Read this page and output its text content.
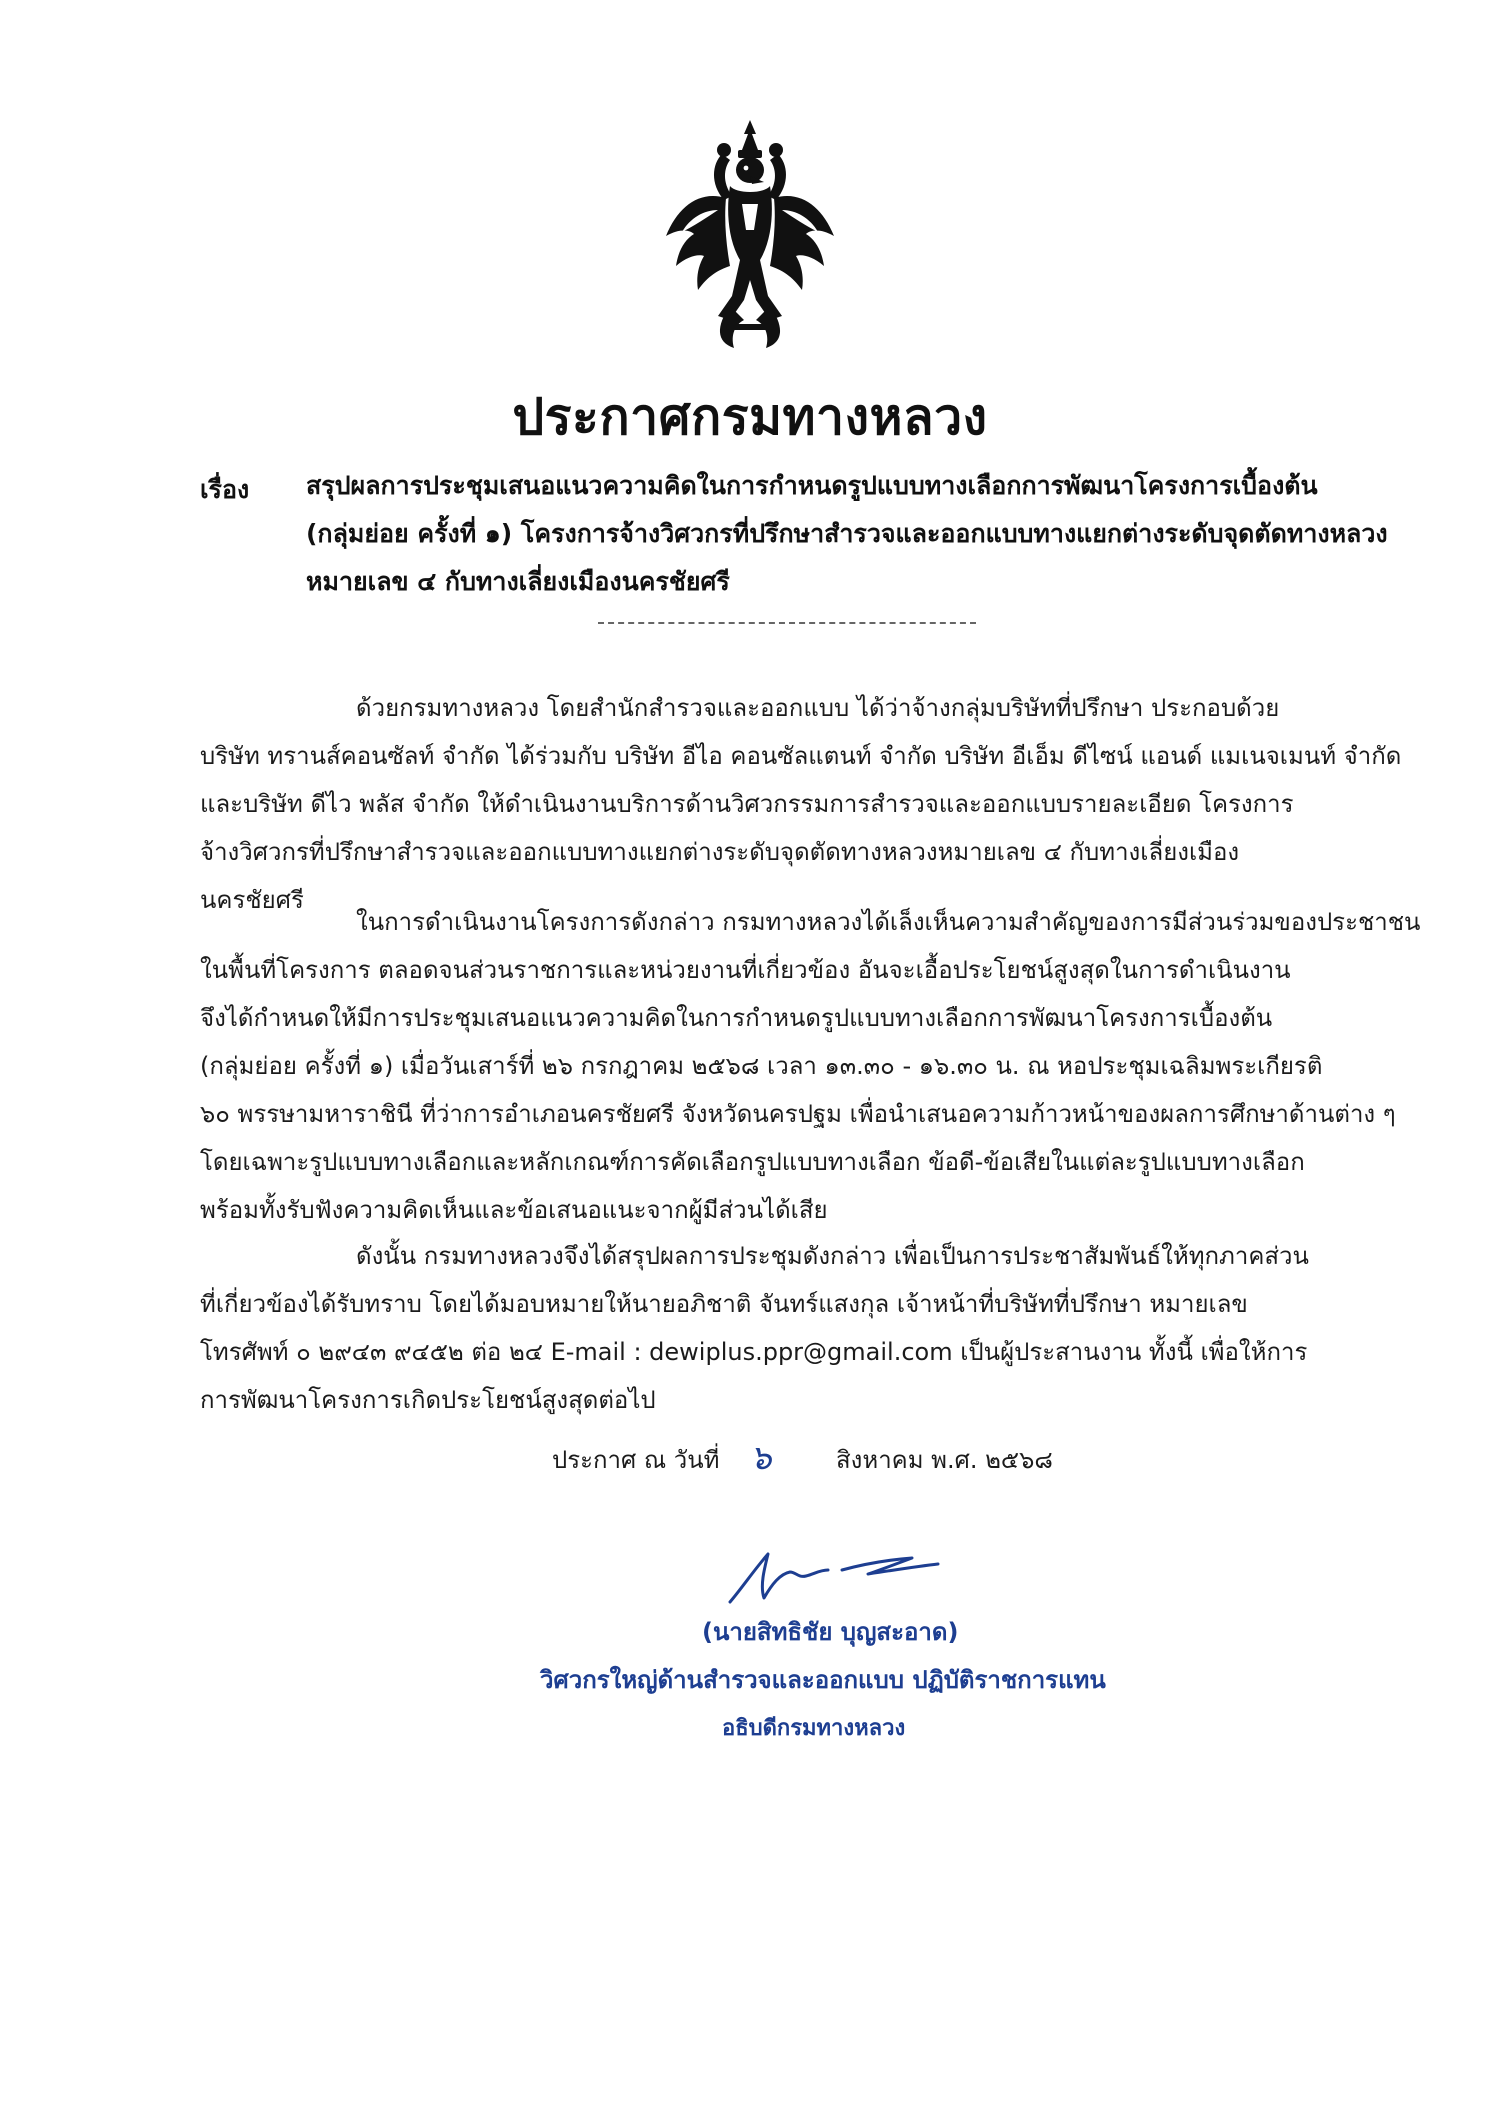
ประกาศกรมทางหลวง
เรื่อง สรุปผลการประชุมเสนอแนวความคิดในการกำหนดรูปแบบทางเลือกการพัฒนาโครงการเบื้องต้น
(กลุ่มย่อย ครั้งที่ ๑) โครงการจ้างวิศวกรที่ปรึกษาสำรวจและออกแบบทางแยกต่างระดับจุดตัดทางหลวง
หมายเลข ๔ กับทางเลี่ยงเมืองนครชัยศรี
ด้วยกรมทางหลวง โดยสำนักสำรวจและออกแบบ ได้ว่าจ้างกลุ่มบริษัทที่ปรึกษา ประกอบด้วย
บริษัท ทรานส์คอนซัลท์ จำกัด ได้ร่วมกับ บริษัท อีไอ คอนซัลแตนท์ จำกัด บริษัท อีเอ็ม ดีไซน์ แอนด์ แมเนจเมนท์ จำกัด
และบริษัท ดีไว พลัส จำกัด ให้ดำเนินงานบริการด้านวิศวกรรมการสำรวจและออกแบบรายละเอียด โครงการ
จ้างวิศวกรที่ปรึกษาสำรวจและออกแบบทางแยกต่างระดับจุดตัดทางหลวงหมายเลข ๔ กับทางเลี่ยงเมือง
นครชัยศรี
ในการดำเนินงานโครงการดังกล่าว กรมทางหลวงได้เล็งเห็นความสำคัญของการมีส่วนร่วมของประชาชน
ในพื้นที่โครงการ ตลอดจนส่วนราชการและหน่วยงานที่เกี่ยวข้อง อันจะเอื้อประโยชน์สูงสุดในการดำเนินงาน
จึงได้กำหนดให้มีการประชุมเสนอแนวความคิดในการกำหนดรูปแบบทางเลือกการพัฒนาโครงการเบื้องต้น
(กลุ่มย่อย ครั้งที่ ๑) เมื่อวันเสาร์ที่ ๒๖ กรกฎาคม ๒๕๖๘ เวลา ๑๓.๓๐ - ๑๖.๓๐ น. ณ หอประชุมเฉลิมพระเกียรติ
๖๐ พรรษามหาราชินี ที่ว่าการอำเภอนครชัยศรี จังหวัดนครปฐม เพื่อนำเสนอความก้าวหน้าของผลการศึกษาด้านต่าง ๆ
โดยเฉพาะรูปแบบทางเลือกและหลักเกณฑ์การคัดเลือกรูปแบบทางเลือก ข้อดี-ข้อเสียในแต่ละรูปแบบทางเลือก
พร้อมทั้งรับฟังความคิดเห็นและข้อเสนอแนะจากผู้มีส่วนได้เสีย
ดังนั้น กรมทางหลวงจึงได้สรุปผลการประชุมดังกล่าว เพื่อเป็นการประชาสัมพันธ์ให้ทุกภาคส่วน
ที่เกี่ยวข้องได้รับทราบ โดยได้มอบหมายให้นายอภิชาติ จันทร์แสงกุล เจ้าหน้าที่บริษัทที่ปรึกษา หมายเลข
โทรศัพท์ ๐ ๒๙๔๓ ๙๔๕๒ ต่อ ๒๔ E-mail : dewiplus.ppr@gmail.com เป็นผู้ประสานงาน ทั้งนี้ เพื่อให้การ
การพัฒนาโครงการเกิดประโยชน์สูงสุดต่อไป
ประกาศ ณ วันที่ ๖	สิงหาคม พ.ศ. ๒๕๖๘
(นายสิทธิชัย บุญสะอาด)
วิศวกรใหญ่ด้านสำรวจและออกแบบ ปฏิบัติราชการแทน
อธิบดีกรมทางหลวง
